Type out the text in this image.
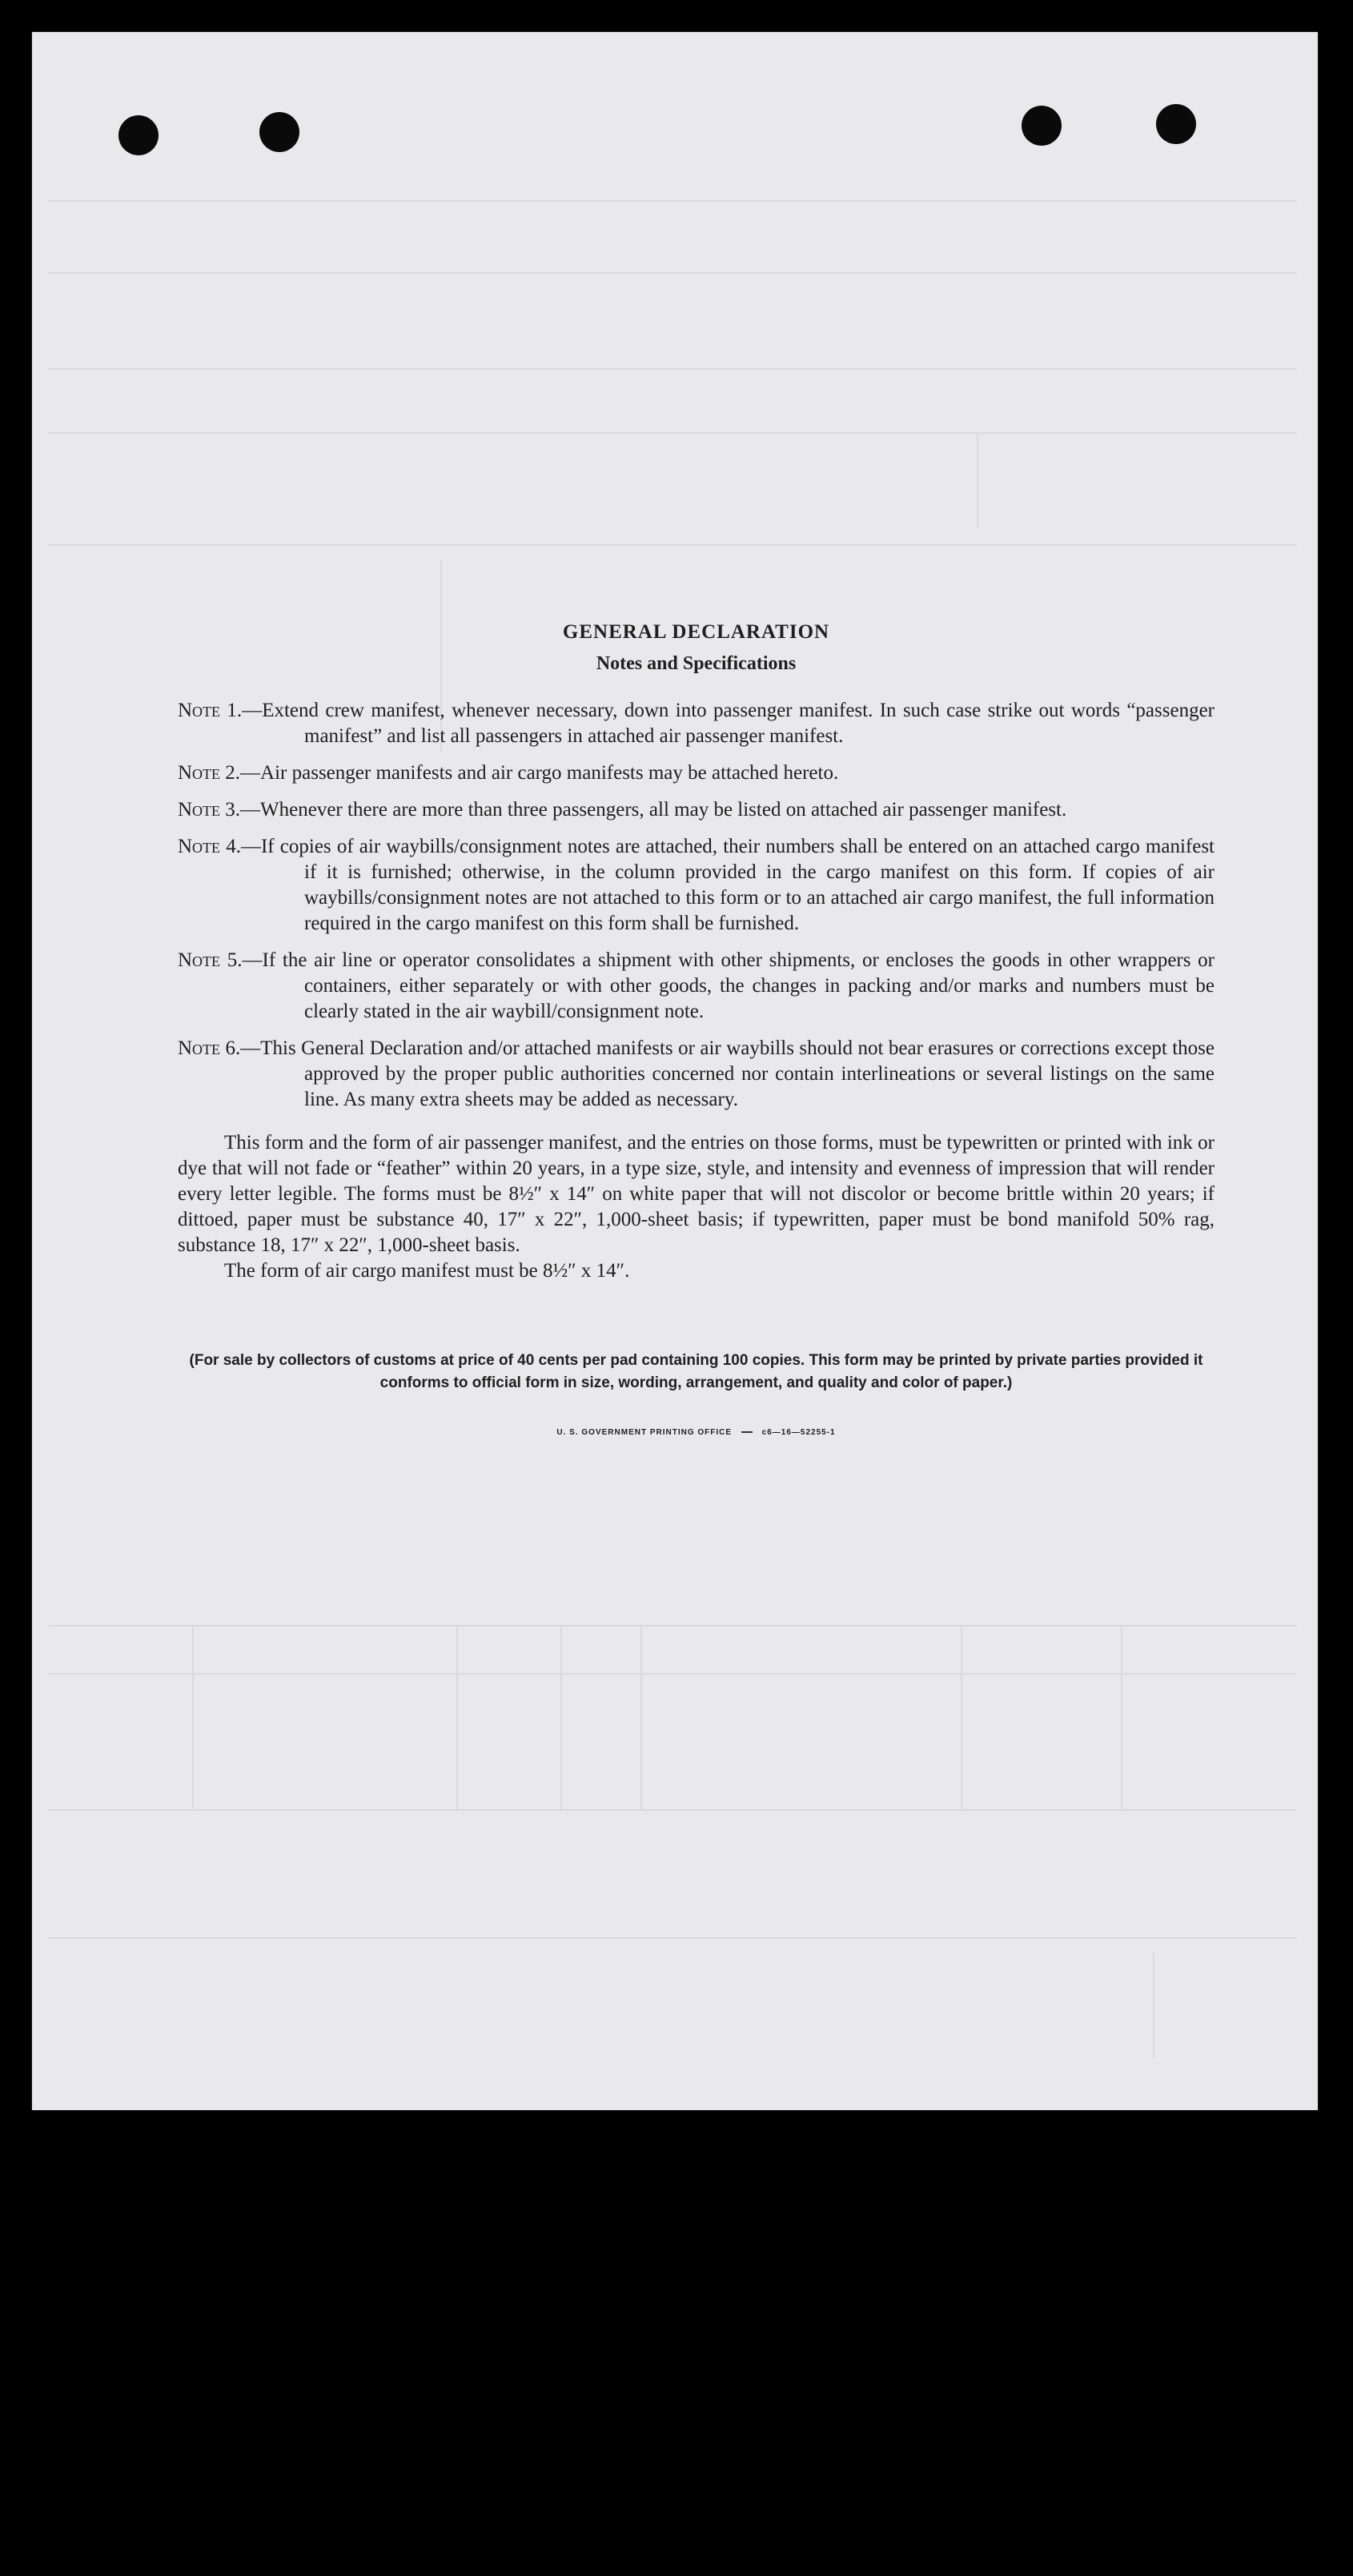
GENERAL DECLARATION
Notes and Specifications
Note 1.—Extend crew manifest, whenever necessary, down into passenger manifest. In such case strike out words “passenger manifest” and list all passengers in attached air passenger manifest.
Note 2.—Air passenger manifests and air cargo manifests may be attached hereto.
Note 3.—Whenever there are more than three passengers, all may be listed on attached air passenger manifest.
Note 4.—If copies of air waybills/consignment notes are attached, their numbers shall be entered on an attached cargo manifest if it is furnished; otherwise, in the column provided in the cargo manifest on this form. If copies of air waybills/consignment notes are not attached to this form or to an attached air cargo manifest, the full information required in the cargo manifest on this form shall be furnished.
Note 5.—If the air line or operator consolidates a shipment with other shipments, or encloses the goods in other wrappers or containers, either separately or with other goods, the changes in packing and/or marks and numbers must be clearly stated in the air waybill/consignment note.
Note 6.—This General Declaration and/or attached manifests or air waybills should not bear erasures or corrections except those approved by the proper public authorities concerned nor contain interlineations or several listings on the same line. As many extra sheets may be added as necessary.

This form and the form of air passenger manifest, and the entries on those forms, must be typewritten or printed with ink or dye that will not fade or “feather” within 20 years, in a type size, style, and intensity and evenness of impression that will render every letter legible. The forms must be 8½″ x 14″ on white paper that will not discolor or become brittle within 20 years; if dittoed, paper must be substance 40, 17″ x 22″, 1,000-sheet basis; if typewritten, paper must be bond manifold 50% rag, substance 18, 17″ x 22″, 1,000-sheet basis.

The form of air cargo manifest must be 8½″ x 14″.

(For sale by collectors of customs at price of 40 cents per pad containing 100 copies. This form may be printed by private parties provided it conforms to official form in size, wording, arrangement, and quality and color of paper.)

U. S. GOVERNMENT PRINTING OFFICE	c6—16—52255-1
